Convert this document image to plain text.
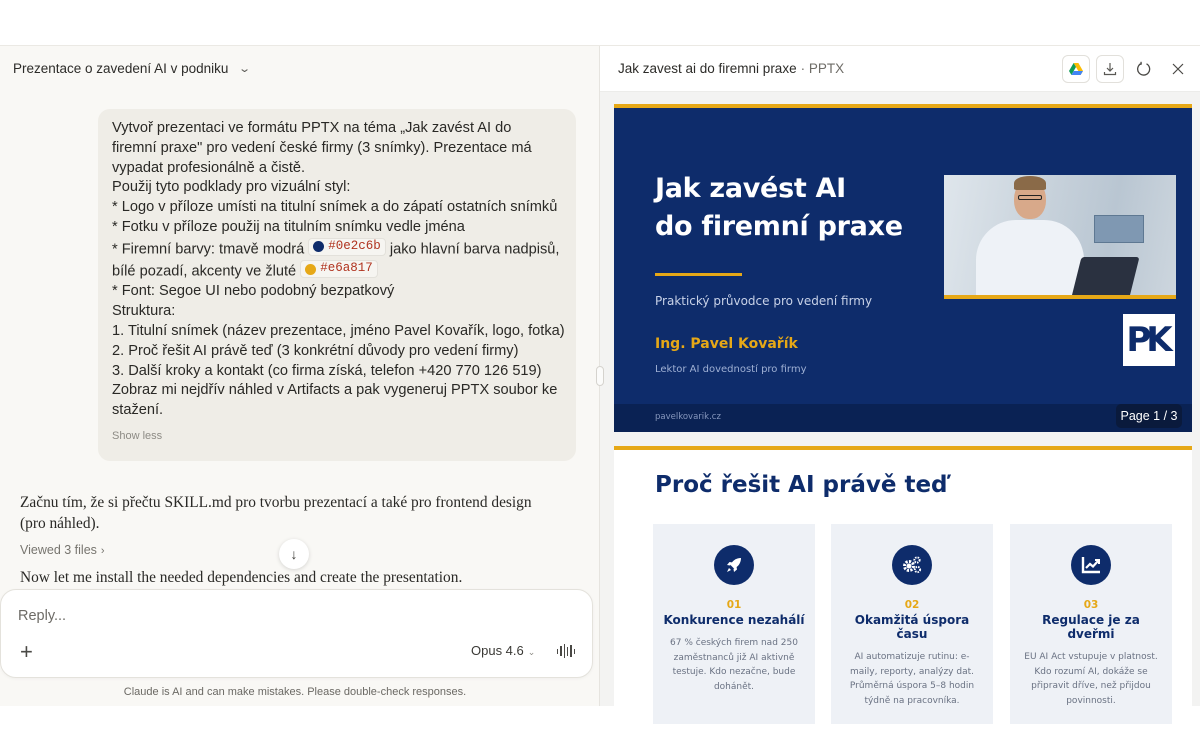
Prezentace o zavedení AI v podniku ⌄
Vytvoř prezentaci ve formátu PPTX na téma „Jak zavést AI do
firemní praxe" pro vedení české firmy (3 snímky). Prezentace má
vypadat profesionálně a čistě.
Použij tyto podklady pro vizuální styl:
* Logo v příloze umísti na titulní snímek a do zápatí ostatních snímků
* Fotku v příloze použij na titulním snímku vedle jména
* Firemní barvy: tmavě modrá #0e2c6b jako hlavní barva nadpisů,
bílé pozadí, akcenty ve žluté #e6a817
* Font: Segoe UI nebo podobný bezpatkový
Struktura:
1. Titulní snímek (název prezentace, jméno Pavel Kovařík, logo, fotka)
2. Proč řešit AI právě teď (3 konkrétní důvody pro vedení firmy)
3. Další kroky a kontakt (co firma získá, telefon +420 770 126 519)
Zobraz mi nejdřív náhled v Artifacts a pak vygeneruj PPTX soubor ke
stažení.
Show less
Začnu tím, že si přečtu SKILL.md pro tvorbu prezentací a také pro frontend design (pro náhled).
Viewed 3 files ›
Now let me install the needed dependencies and create the presentation.
↓
Reply...
+	Opus 4.6 ⌄
Claude is AI and can make mistakes. Please double-check responses.
Jak zavest ai do firemni praxe · PPTX
Jak zavést AI
do firemní praxe
Praktický průvodce pro vedení firmy
Ing. Pavel Kovařík
Lektor AI dovedností pro firmy
PK
pavelkovarik.cz	Page 1 / 3
Proč řešit AI právě teď
01
Konkurence nezahálí
67 % českých firem nad 250 zaměstnanců již AI aktivně testuje. Kdo nezačne, bude dohánět.
02
Okamžitá úspora času
AI automatizuje rutinu: e-maily, reporty, analýzy dat. Průměrná úspora 5–8 hodin týdně na pracovníka.
03
Regulace je za dveřmi
EU AI Act vstupuje v platnost. Kdo rozumí AI, dokáže se připravit dříve, než přijdou povinnosti.
